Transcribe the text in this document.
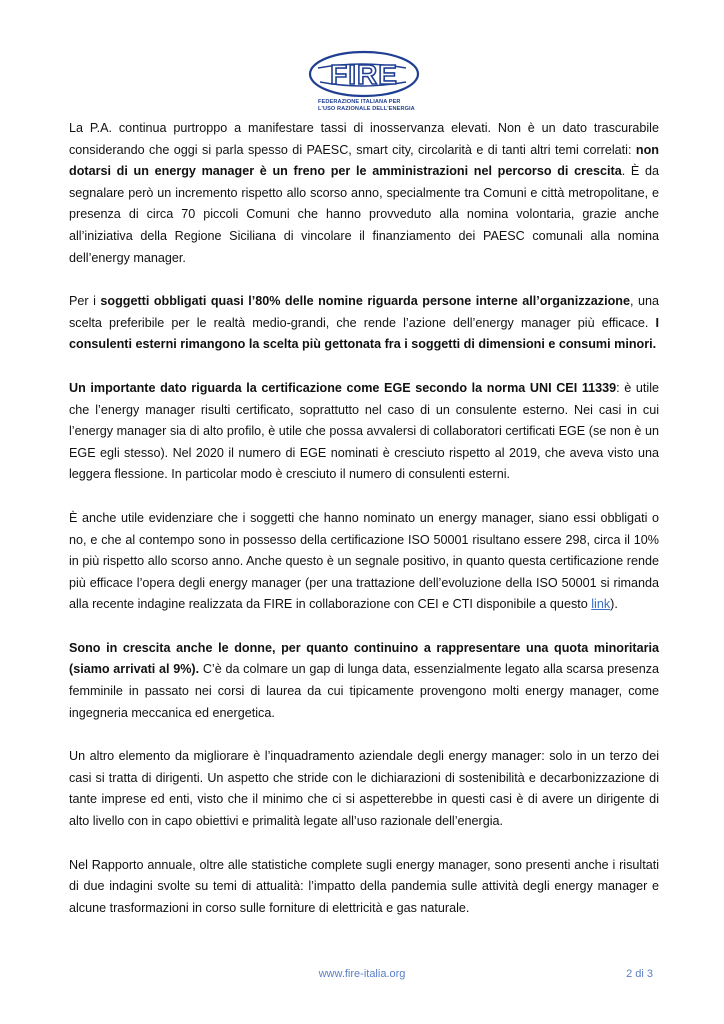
FIRE
FEDERAZIONE ITALIANA PER
L'USO RAZIONALE DELL'ENERGIA

La P.A. continua purtroppo a manifestare tassi di inosservanza elevati. Non è un dato trascurabile considerando che oggi si parla spesso di PAESC, smart city, circolarità e di tanti altri temi correlati: non dotarsi di un energy manager è un freno per le amministrazioni nel percorso di crescita. È da segnalare però un incremento rispetto allo scorso anno, specialmente tra Comuni e città metropolitane, e presenza di circa 70 piccoli Comuni che hanno provveduto alla nomina volontaria, grazie anche all’iniziativa della Regione Siciliana di vincolare il finanziamento dei PAESC comunali alla nomina dell’energy manager.

Per i soggetti obbligati quasi l’80% delle nomine riguarda persone interne all’organizzazione, una scelta preferibile per le realtà medio-grandi, che rende l’azione dell’energy manager più efficace. I consulenti esterni rimangono la scelta più gettonata fra i soggetti di dimensioni e consumi minori.

Un importante dato riguarda la certificazione come EGE secondo la norma UNI CEI 11339: è utile che l’energy manager risulti certificato, soprattutto nel caso di un consulente esterno. Nei casi in cui l’energy manager sia di alto profilo, è utile che possa avvalersi di collaboratori certificati EGE (se non è un EGE egli stesso). Nel 2020 il numero di EGE nominati è cresciuto rispetto al 2019, che aveva visto una leggera flessione. In particolar modo è cresciuto il numero di consulenti esterni.

È anche utile evidenziare che i soggetti che hanno nominato un energy manager, siano essi obbligati o no, e che al contempo sono in possesso della certificazione ISO 50001 risultano essere 298, circa il 10% in più rispetto allo scorso anno. Anche questo è un segnale positivo, in quanto questa certificazione rende più efficace l’opera degli energy manager (per una trattazione dell’evoluzione della ISO 50001 si rimanda alla recente indagine realizzata da FIRE in collaborazione con CEI e CTI disponibile a questo link).

Sono in crescita anche le donne, per quanto continuino a rappresentare una quota minoritaria (siamo arrivati al 9%). C’è da colmare un gap di lunga data, essenzialmente legato alla scarsa presenza femminile in passato nei corsi di laurea da cui tipicamente provengono molti energy manager, come ingegneria meccanica ed energetica.

Un altro elemento da migliorare è l’inquadramento aziendale degli energy manager: solo in un terzo dei casi si tratta di dirigenti. Un aspetto che stride con le dichiarazioni di sostenibilità e decarbonizzazione di tante imprese ed enti, visto che il minimo che ci si aspetterebbe in questi casi è di avere un dirigente di alto livello con in capo obiettivi e primalità legate all’uso razionale dell’energia.

Nel Rapporto annuale, oltre alle statistiche complete sugli energy manager, sono presenti anche i risultati di due indagini svolte su temi di attualità: l’impatto della pandemia sulle attività degli energy manager e alcune trasformazioni in corso sulle forniture di elettricità e gas naturale.

www.fire-italia.org	2 di 3
